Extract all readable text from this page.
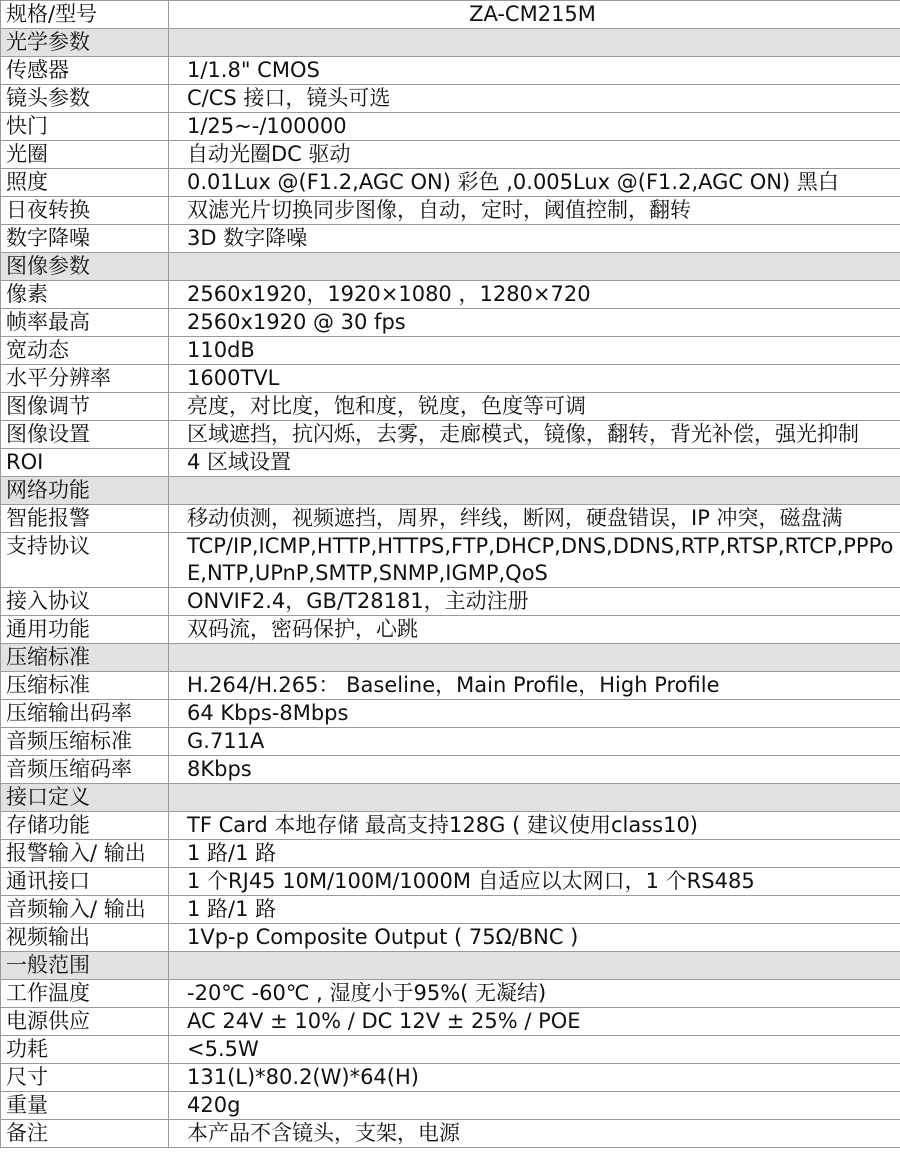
规格/型号	ZA-CM215M
光学参数	
传感器	1/1.8" CMOS
镜头参数	C/CS 接口，镜头可选
快门	1/25~-/100000
光圈	自动光圈DC 驱动
照度	0.01Lux @(F1.2,AGC ON) 彩色 ,0.005Lux @(F1.2,AGC ON) 黑白
日夜转换	双滤光片切换同步图像，自动，定时，阈值控制，翻转
数字降噪	3D 数字降噪
图像参数	
像素	2560x1920，1920×1080 ，1280×720
帧率最高	2560x1920 @ 30 fps
宽动态	110dB
水平分辨率	1600TVL
图像调节	亮度，对比度，饱和度，锐度，色度等可调
图像设置	区域遮挡，抗闪烁，去雾，走廊模式，镜像，翻转，背光补偿，强光抑制
ROI	4 区域设置
网络功能	
智能报警	移动侦测，视频遮挡，周界，绊线，断网，硬盘错误，IP 冲突，磁盘满
支持协议	TCP/IP,ICMP,HTTP,HTTPS,FTP,DHCP,DNS,DDNS,RTP,RTSP,RTCP,PPPoE,NTP,UPnP,SMTP,SNMP,IGMP,QoS
接入协议	ONVIF2.4，GB/T28181，主动注册
通用功能	双码流，密码保护，心跳
压缩标准	
压缩标准	H.264/H.265： Baseline，Main Profile，High Profile
压缩输出码率	64 Kbps-8Mbps
音频压缩标准	G.711A
音频压缩码率	8Kbps
接口定义	
存储功能	TF Card 本地存储 最高支持128G ( 建议使用class10)
报警输入/ 输出	1 路/1 路
通讯接口	1 个RJ45 10M/100M/1000M 自适应以太网口，1 个RS485
音频输入/ 输出	1 路/1 路
视频输出	1Vp-p Composite Output ( 75Ω/BNC )
一般范围	
工作温度	-20℃ -60℃ , 湿度小于95%( 无凝结)
电源供应	AC 24V ± 10% / DC 12V ± 25% / POE
功耗	<5.5W
尺寸	131(L)*80.2(W)*64(H)
重量	420g
备注	本产品不含镜头，支架，电源
